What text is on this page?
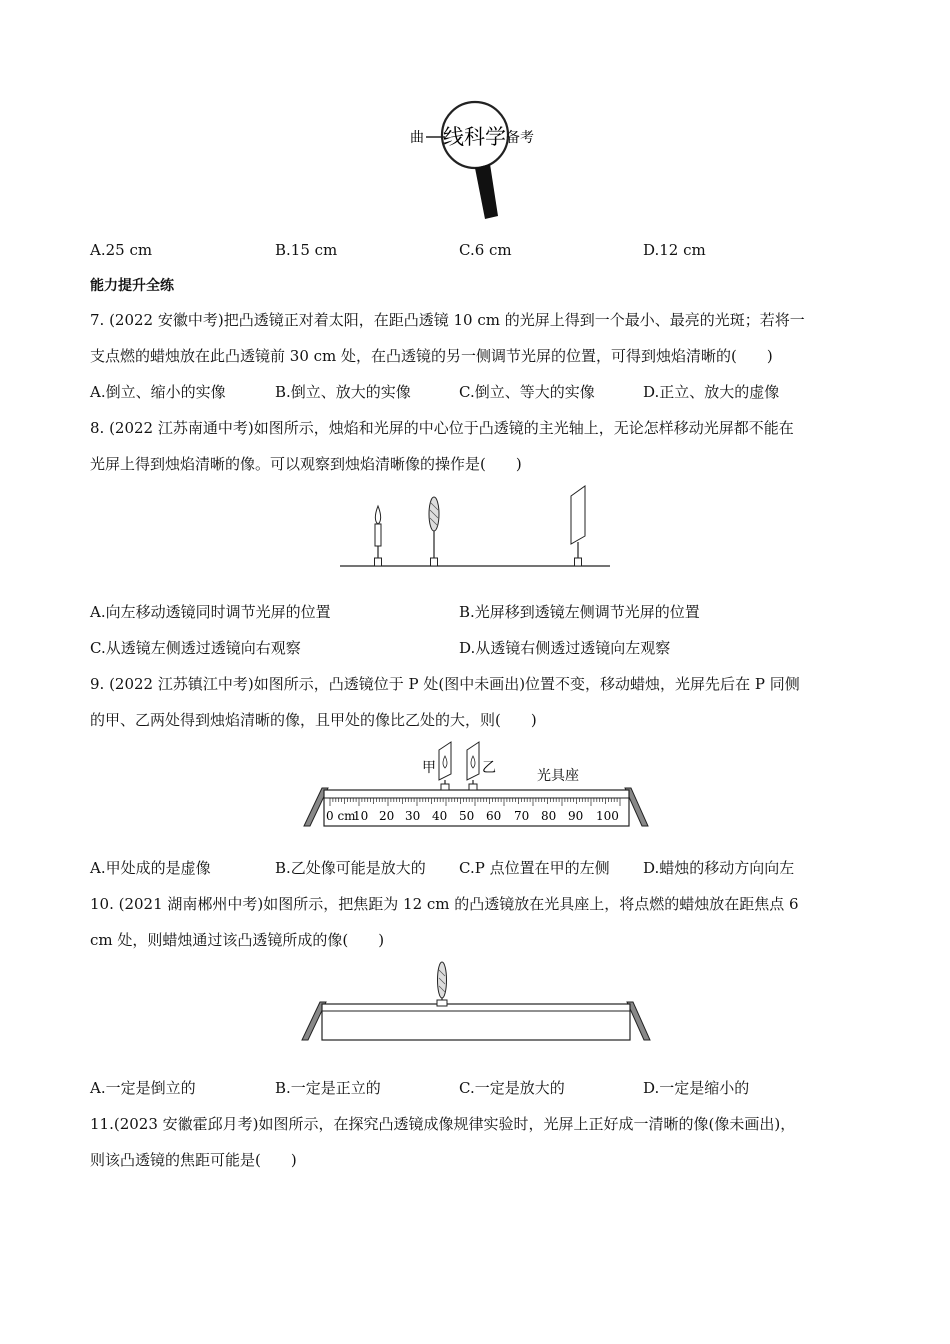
曲 线科学 备考
A.25 cm	B.15 cm	C.6 cm	D.12 cm
能力提升全练
7. (2022 安徽中考)把凸透镜正对着太阳，在距凸透镜 10 cm 的光屏上得到一个最小、最亮的光斑；若将一
支点燃的蜡烛放在此凸透镜前 30 cm 处，在凸透镜的另一侧调节光屏的位置，可得到烛焰清晰的(　　)
A.倒立、缩小的实像	B.倒立、放大的实像	C.倒立、等大的实像	D.正立、放大的虚像
8. (2022 江苏南通中考)如图所示，烛焰和光屏的中心位于凸透镜的主光轴上，无论怎样移动光屏都不能在
光屏上得到烛焰清晰的像。可以观察到烛焰清晰像的操作是(　　)
A.向左移动透镜同时调节光屏的位置	B.光屏移到透镜左侧调节光屏的位置
C.从透镜左侧透过透镜向右观察	D.从透镜右侧透过透镜向左观察
9. (2022 江苏镇江中考)如图所示，凸透镜位于 P 处(图中未画出)位置不变，移动蜡烛，光屏先后在 P 同侧
的甲、乙两处得到烛焰清晰的像，且甲处的像比乙处的大，则(　　)
0 cm
10 20 30 40 50 60 70 80 90 100
甲	乙	光具座
A.甲处成的是虚像	B.乙处像可能是放大的 C.P 点位置在甲的左侧 D.蜡烛的移动方向向左
10. (2021 湖南郴州中考)如图所示，把焦距为 12 cm 的凸透镜放在光具座上，将点燃的蜡烛放在距焦点 6
cm 处，则蜡烛通过该凸透镜所成的像(　　)
A.一定是倒立的	B.一定是正立的	C.一定是放大的	D.一定是缩小的
11.(2023 安徽霍邱月考)如图所示，在探究凸透镜成像规律实验时，光屏上正好成一清晰的像(像未画出)，
则该凸透镜的焦距可能是(　　)
